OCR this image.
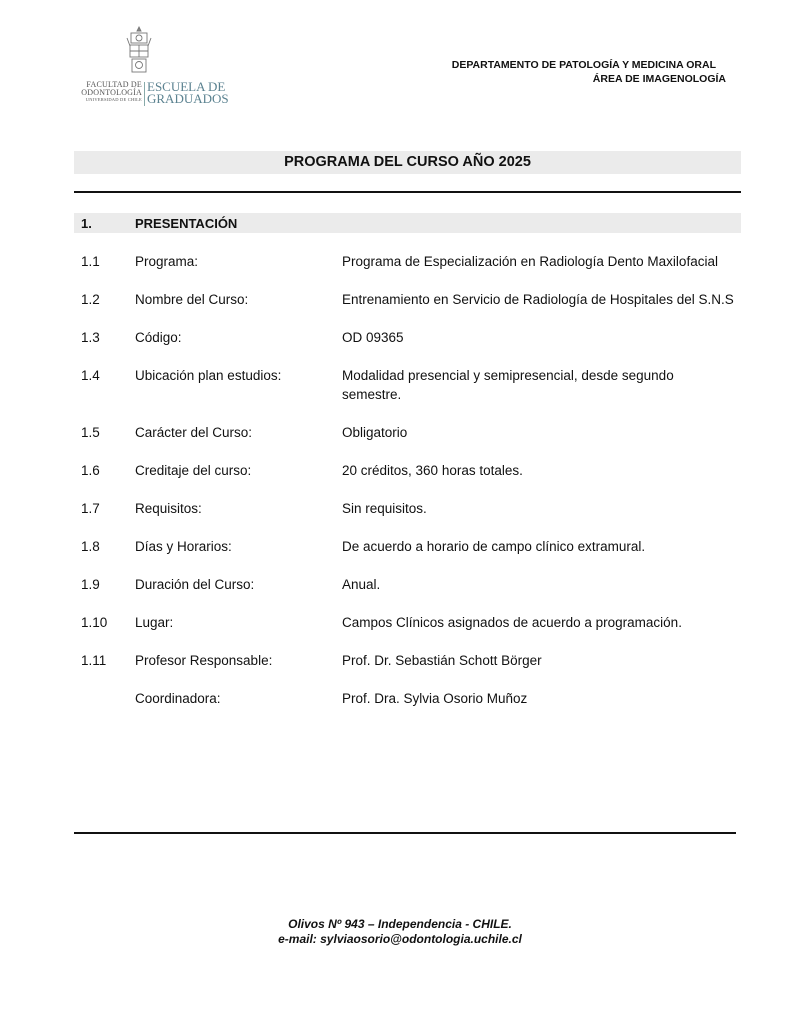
FACULTAD DE
ODONTOLOGÍA
UNIVERSIDAD DE CHILE
ESCUELA DE
GRADUADOS
DEPARTAMENTO DE PATOLOGÍA Y MEDICINA ORAL
ÁREA DE IMAGENOLOGÍA
PROGRAMA DEL CURSO AÑO 2025
1.	PRESENTACIÓN
1.1	Programa:	Programa de Especialización en Radiología Dento Maxilofacial
1.2	Nombre del Curso:	Entrenamiento en Servicio de Radiología de Hospitales del S.N.S
1.3	Código:	OD 09365
1.4	Ubicación plan estudios:	Modalidad presencial y semipresencial, desde segundo semestre.
1.5	Carácter del Curso:	Obligatorio
1.6	Creditaje del curso:	20 créditos, 360 horas totales.
1.7	Requisitos:	Sin requisitos.
1.8	Días y Horarios:	De acuerdo a horario de campo clínico extramural.
1.9	Duración del Curso:	Anual.
1.10 Lugar:	Campos Clínicos asignados de acuerdo a programación.
1.11 Profesor Responsable:	Prof. Dr. Sebastián Schott Börger
Coordinadora:	Prof. Dra. Sylvia Osorio Muñoz
Olivos Nº 943 – Independencia - CHILE.
e-mail: sylviaosorio@odontologia.uchile.cl
